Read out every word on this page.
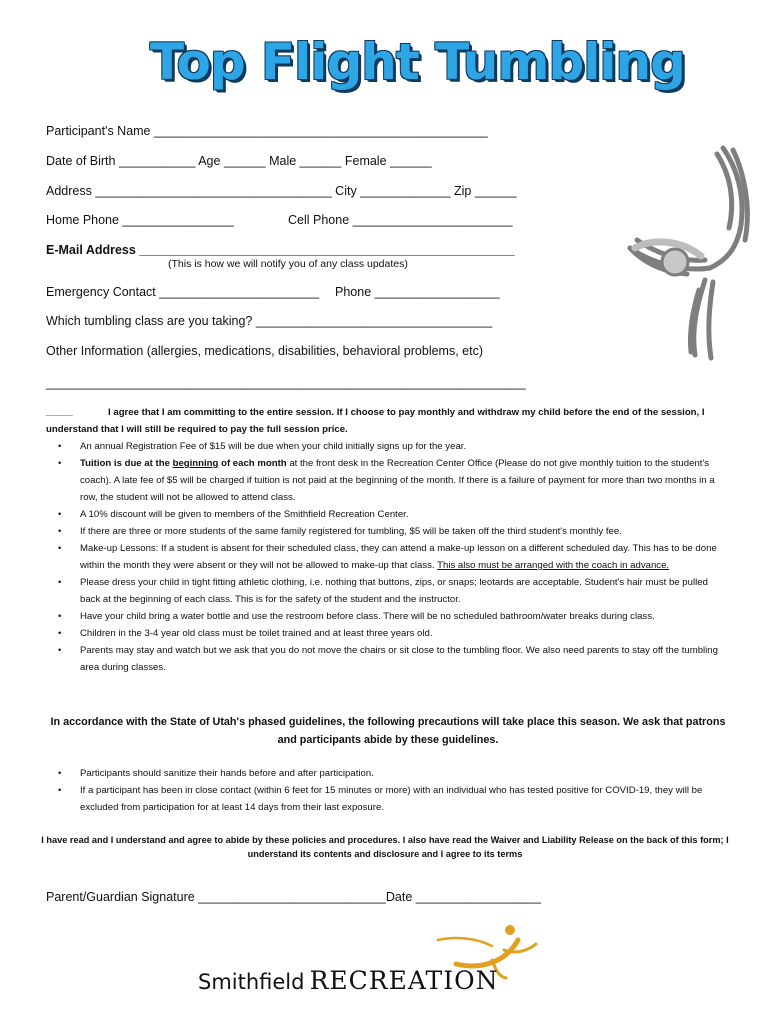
Top Flight Tumbling
Participant's Name ________________________________________________
Date of Birth ___________ Age ______ Male ______ Female ______
Address __________________________________ City _____________ Zip ______
Home Phone ________________	Cell Phone _______________________
E-Mail Address ______________________________________________________
(This is how we will notify you of any class updates)
Emergency Contact _______________________ Phone __________________
Which tumbling class are you taking? __________________________________
Other Information (allergies, medications, disabilities, behavioral problems, etc)
_____________________________________________________________________
_____	I agree that I am committing to the entire session. If I choose to pay monthly and withdraw my child before the end of the session, I understand that I will still be required to pay the full session price.
• An annual Registration Fee of $15 will be due when your child initially signs up for the year.
• Tuition is due at the beginning of each month at the front desk in the Recreation Center Office (Please do not give monthly tuition to the student's coach). A late fee of $5 will be charged if tuition is not paid at the beginning of the month. If there is a failure of payment for more than two months in a row, the student will not be allowed to attend class.
• A 10% discount will be given to members of the Smithfield Recreation Center.
• If there are three or more students of the same family registered for tumbling, $5 will be taken off the third student's monthly fee.
• Make-up Lessons: If a student is absent for their scheduled class, they can attend a make-up lesson on a different scheduled day. This has to be done within the month they were absent or they will not be allowed to make-up that class. This also must be arranged with the coach in advance.
• Please dress your child in tight fitting athletic clothing, i.e. nothing that buttons, zips, or snaps; leotards are acceptable. Student's hair must be pulled back at the beginning of each class. This is for the safety of the student and the instructor.
• Have your child bring a water bottle and use the restroom before class. There will be no scheduled bathroom/water breaks during class.
• Children in the 3-4 year old class must be toilet trained and at least three years old.
• Parents may stay and watch but we ask that you do not move the chairs or sit close to the tumbling floor. We also need parents to stay off the tumbling area during classes.
In accordance with the State of Utah's phased guidelines, the following precautions will take place this season. We ask that patrons and participants abide by these guidelines.
• Participants should sanitize their hands before and after participation.
• If a participant has been in close contact (within 6 feet for 15 minutes or more) with an individual who has tested positive for COVID-19, they will be excluded from participation for at least 14 days from their last exposure.
I have read and I understand and agree to abide by these policies and procedures. I also have read the Waiver and Liability Release on the back of this form; I understand its contents and disclosure and I agree to its terms
Parent/Guardian Signature ___________________________Date __________________
Smithfield RECREATION
